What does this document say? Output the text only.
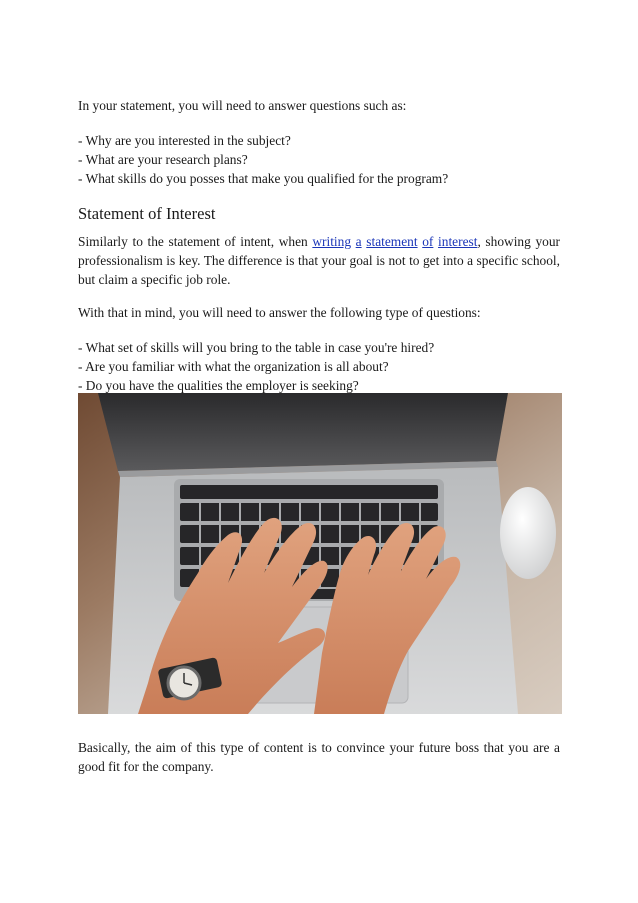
In your statement, you will need to answer questions such as:

- Why are you interested in the subject?
- What are your research plans?
- What skills do you posses that make you qualified for the program?
Statement of Interest

Similarly to the statement of intent, when writing a statement of interest, showing your professionalism is key. The difference is that your goal is not to get into a specific school, but claim a specific job role.

With that in mind, you will need to answer the following type of questions:

- What set of skills will you bring to the table in case you're hired?
- Are you familiar with what the organization is all about?
- Do you have the qualities the employer is seeking?

Basically, the aim of this type of content is to convince your future boss that you are a good fit for the company.
